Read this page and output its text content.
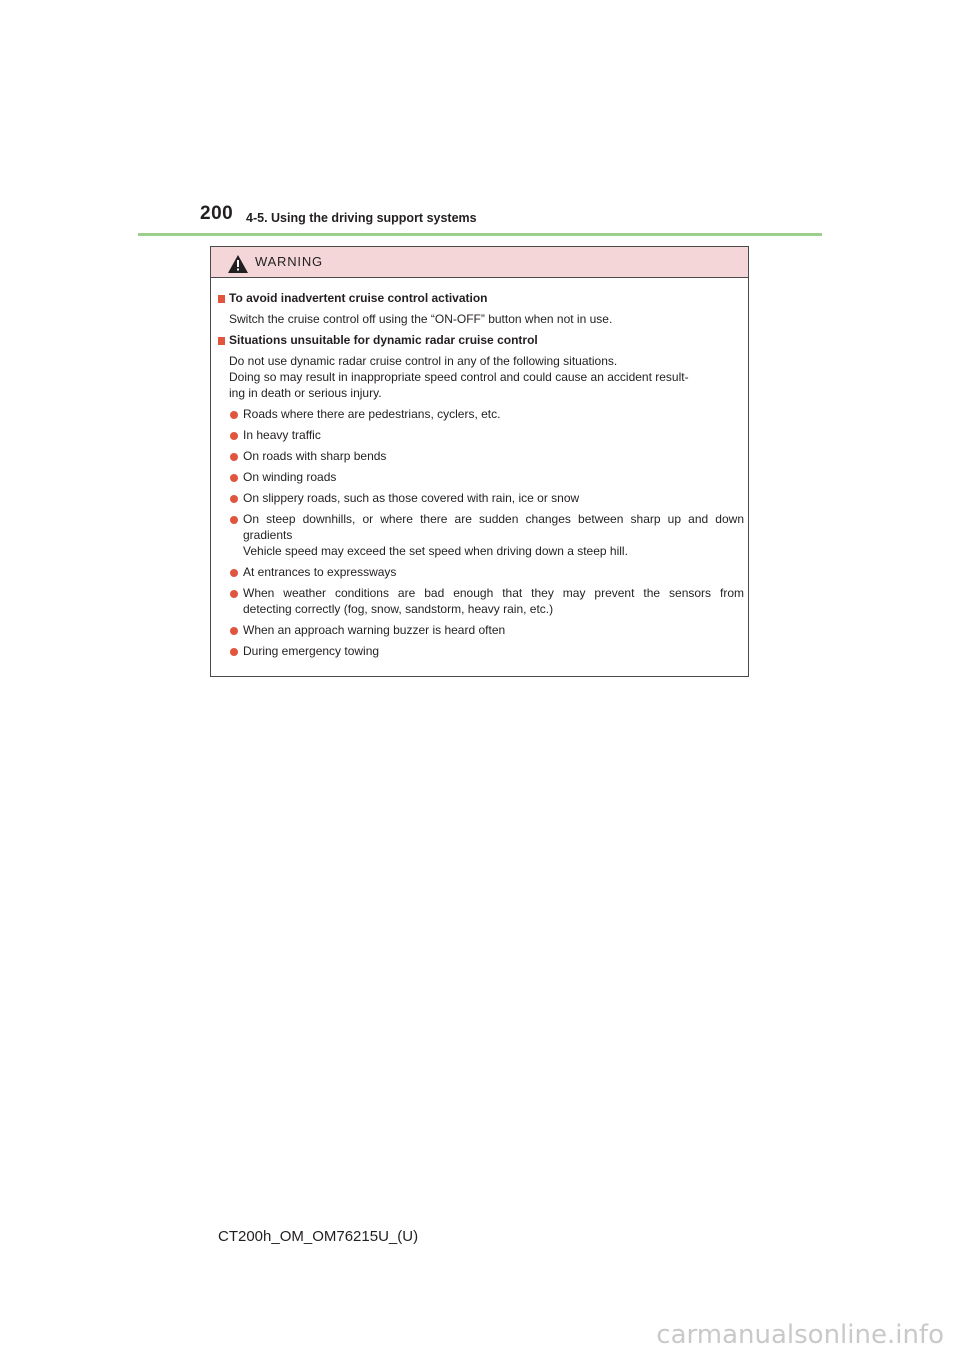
200 4-5. Using the driving support systems
WARNING
To avoid inadvertent cruise control activation
Switch the cruise control off using the “ON-OFF” button when not in use.
Situations unsuitable for dynamic radar cruise control
Do not use dynamic radar cruise control in any of the following situations.
Doing so may result in inappropriate speed control and could cause an accident result-
ing in death or serious injury.
Roads where there are pedestrians, cyclers, etc.
In heavy traffic
On roads with sharp bends
On winding roads
On slippery roads, such as those covered with rain, ice or snow
On steep downhills, or where there are sudden changes between sharp up and down
gradients
Vehicle speed may exceed the set speed when driving down a steep hill.
At entrances to expressways
When weather conditions are bad enough that they may prevent the sensors from
detecting correctly (fog, snow, sandstorm, heavy rain, etc.)
When an approach warning buzzer is heard often
During emergency towing
CT200h_OM_OM76215U_(U)
carmanualsonline.info
